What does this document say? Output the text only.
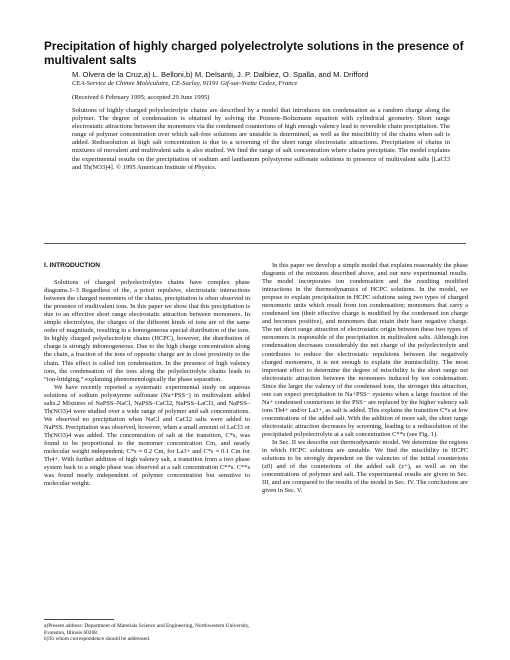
Precipitation of highly charged polyelectrolyte solutions in the presence of multivalent salts
M. Olvera de la Cruz,a) L. Belloni,b) M. Delsanti, J. P. Dalbiez, O. Spalla, and M. Drifford
CEA-Service de Chimie Moléculaire, CE-Saclay, 91191 Gif-sur-Yvette Cedex, France
(Received 6 February 1995; accepted 29 June 1995)
Solutions of highly charged polyelectrolyte chains are described by a model that introduces ion condensation as a random charge along the polymer. The degree of condensation is obtained by solving the Poisson–Boltzmann equation with cylindrical geometry. Short range electrostatic attractions between the monomers via the condensed counterions of high enough valency lead to reversible chain precipitation. The range of polymer concentration over which salt-free solutions are unstable is determined, as well as the miscibility of the chains when salt is added. Redissolution at high salt concentration is due to a screening of the short range electrostatic attractions. Precipitation of chains in mixtures of movalent and multivalent salts is also studied. We find the range of salt concentration where chains precipitate. The model explains the experimental results on the precipitation of sodium and lanthanum polystyrene sulfonate solutions in presence of multivalent salts [LaCl3 and Th(NO3)4]. © 1995 American Institute of Physics.
I. INTRODUCTION

Solutions of charged polyelectrolytes chains have complex phase diagrams.1–3 Regardless of the, a priori repulsive, electrostatic interactions between the charged monomers of the chains, precipitation is often observed in the presence of multivalent ions. In this paper we show that this precipitation is due to an effective short range electrostatic attraction between monomers. In simple electrolytes, the charges of the different kinds of ions are of the same order of magnitude, resulting in a homogeneous special distribution of the ions. In highly charged polyelectrolyte chains (HCPC), however, the distribution of charge is strongly inhomogeneous. Due to the high charge concentration along the chain, a fraction of the ions of opposite charge are in close proximity to the chain. This effect is called ion condensation. In the presence of high valency ions, the condensation of the ions along the polyelectrolyte chains leads to “ion-bridging,” explaining phenomenologically the phase separation.

We have recently reported a systematic experimental study on aqueous solutions of sodium polystyrene sulfonate (Na+PSS−) in multivalent added salts.2 Mixtures of NaPSS–NaCl, NaPSS–CaCl2, NaPSS–LaCl3, and NaPSS–Th(NO3)4 were studied over a wide range of polymer and salt concentrations. We observed no precipitation when NaCl and CaCl2 salts were added to NaPSS. Precipitation was observed, however, when a small amount of LaCl3 or Th(NO3)4 was added. The concentration of salt at the transition, C*s, was found to be proportional to the monomer concentration Cm, and nearly molecular weight independent; C*s ≈ 0.2 Cm, for La3+ and C*s ≈ 0.1 Cm for Th4+. With further addition of high valency salt, a transition from a two phase system back to a single phase was observed at a salt concentration C**s. C**s was found nearly independent of polymer concentration but sensitive to molecular weight.

In this paper we develop a simple model that explains reasonably the phase diagrams of the mixtures described above, and our new experimental results. The model incorporates ion condensation and the resulting modified interactions in the thermodynamics of HCPC solutions. In the model, we propose to explain precipitation in HCPC solutions using two types of charged monomeric units which result from ion condensation; monomers that carry a condensed ion (their effective charge is modified by the condensed ion charge and becomes positive), and monomers that retain their bare negative charge. The net short range attraction of electrostatic origin between these two types of monomers is responsible of the precipitation in multivalent salts. Although ion condensation decreases considerably the net charge of the polyelectrolyte and contributes to reduce the electrostatic repulsions between the negatively charged monomers, it is not enough to explain the immiscibility. The most important effect to determine the degree of miscibility is the short range net electrostatic attraction between the monomers induced by ion condensation. Since the larger the valency of the condensed ions, the stronger this attraction, one can expect precipitation in Na+PSS− systems when a large fraction of the Na+ condensed counterions in the PSS− are replaced by the higher valency salt ions Th4+ and/or La3+, as salt is added. This explains the transition C*s at low concentrations of the added salt. With the addition of more salt, the short range electrostatic attraction decreases by screening, leading to a redissolution of the precipitated polyelectrolyte at a salt concentration C**s (see Fig. 1).

In Sec. II we describe our thermodynamic model. We determine the regions in which HCPC solutions are unstable. We find the miscibility in HCPC solutions to be strongly dependent on the valencies of the initial counterions (z0) and of the counterions of the added salt (z+), as well as on the concentrations of polymer and salt. The experimental results are given in Sec. III, and are compared to the results of the model in Sec. IV. The conclusions are given in Sec. V.

a)Present address: Department of Materials Science and Engineering, Northwestern University, Evanston, Illinois 60208.
b)To whom correspondence should be addressed.
